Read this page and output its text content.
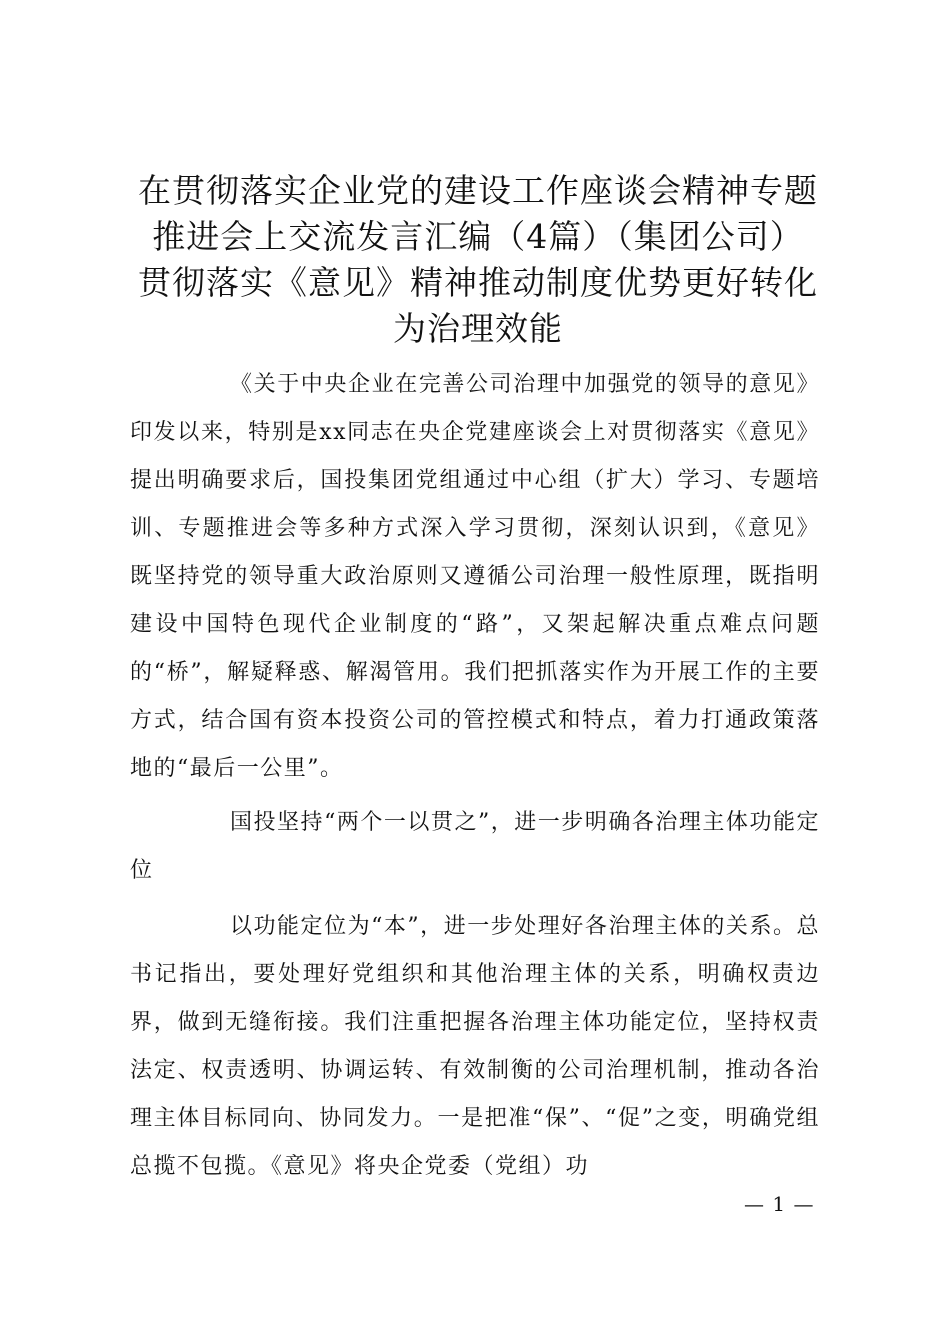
在贯彻落实企业党的建设工作座谈会精神专题
推进会上交流发言汇编（4篇）（集团公司）
贯彻落实《意见》精神推动制度优势更好转化
为治理效能

《关于中央企业在完善公司治理中加强党的领导的意见》印发以来，特别是xx同志在央企党建座谈会上对贯彻落实《意见》提出明确要求后，国投集团党组通过中心组（扩大）学习、专题培训、专题推进会等多种方式深入学习贯彻，深刻认识到，《意见》既坚持党的领导重大政治原则又遵循公司治理一般性原理，既指明建设中国特色现代企业制度的“路”，又架起解决重点难点问题的“桥”，解疑释惑、解渴管用。我们把抓落实作为开展工作的主要方式，结合国有资本投资公司的管控模式和特点，着力打通政策落地的“最后一公里”。

国投坚持“两个一以贯之”，进一步明确各治理主体功能定位

以功能定位为“本”，进一步处理好各治理主体的关系。总书记指出，要处理好党组织和其他治理主体的关系，明确权责边界，做到无缝衔接。我们注重把握各治理主体功能定位，坚持权责法定、权责透明、协调运转、有效制衡的公司治理机制，推动各治理主体目标同向、协同发力。一是把准“保”、“促”之变，明确党组总揽不包揽。《意见》将央企党委（党组）功

— 1 —
